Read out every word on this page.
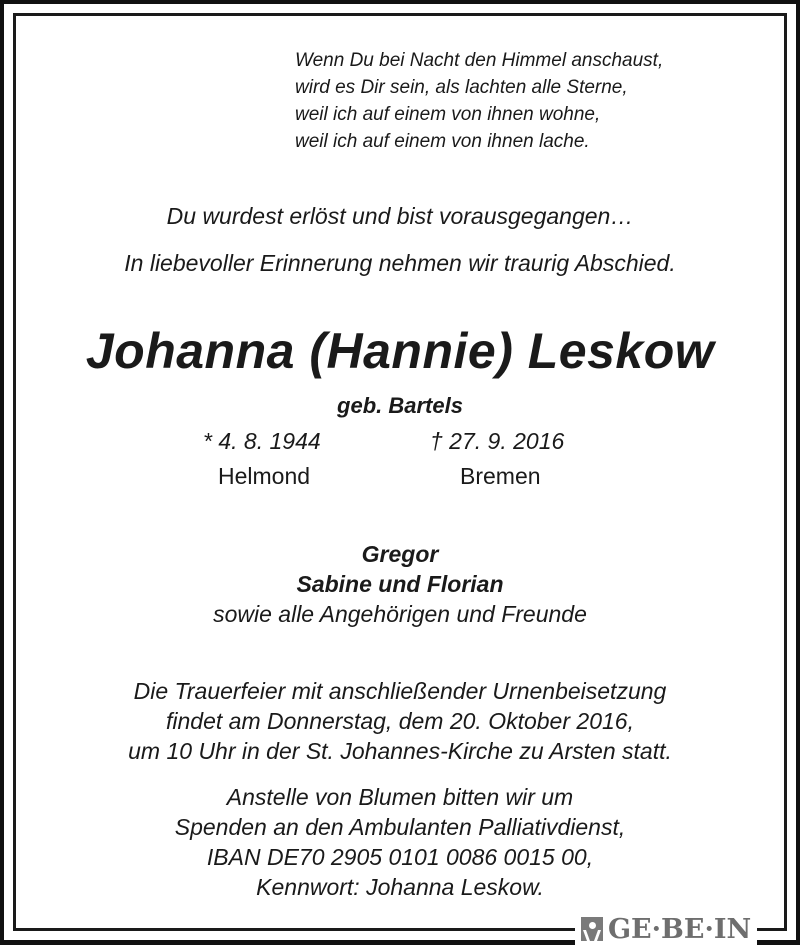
Wenn Du bei Nacht den Himmel anschaust,
wird es Dir sein, als lachten alle Sterne,
weil ich auf einem von ihnen wohne,
weil ich auf einem von ihnen lache.
Du wurdest erlöst und bist vorausgegangen…
In liebevoller Erinnerung nehmen wir traurig Abschied.
Johanna (Hannie) Leskow
geb. Bartels
* 4. 8. 1944	† 27. 9. 2016
Helmond	Bremen
Gregor
Sabine und Florian
sowie alle Angehörigen und Freunde
Die Trauerfeier mit anschließender Urnenbeisetzung
findet am Donnerstag, dem 20. Oktober 2016,
um 10 Uhr in der St. Johannes-Kirche zu Arsten statt.
Anstelle von Blumen bitten wir um
Spenden an den Ambulanten Palliativdienst,
IBAN DE70 2905 0101 0086 0015 00,
Kennwort: Johanna Leskow.
GE·BE·IN
